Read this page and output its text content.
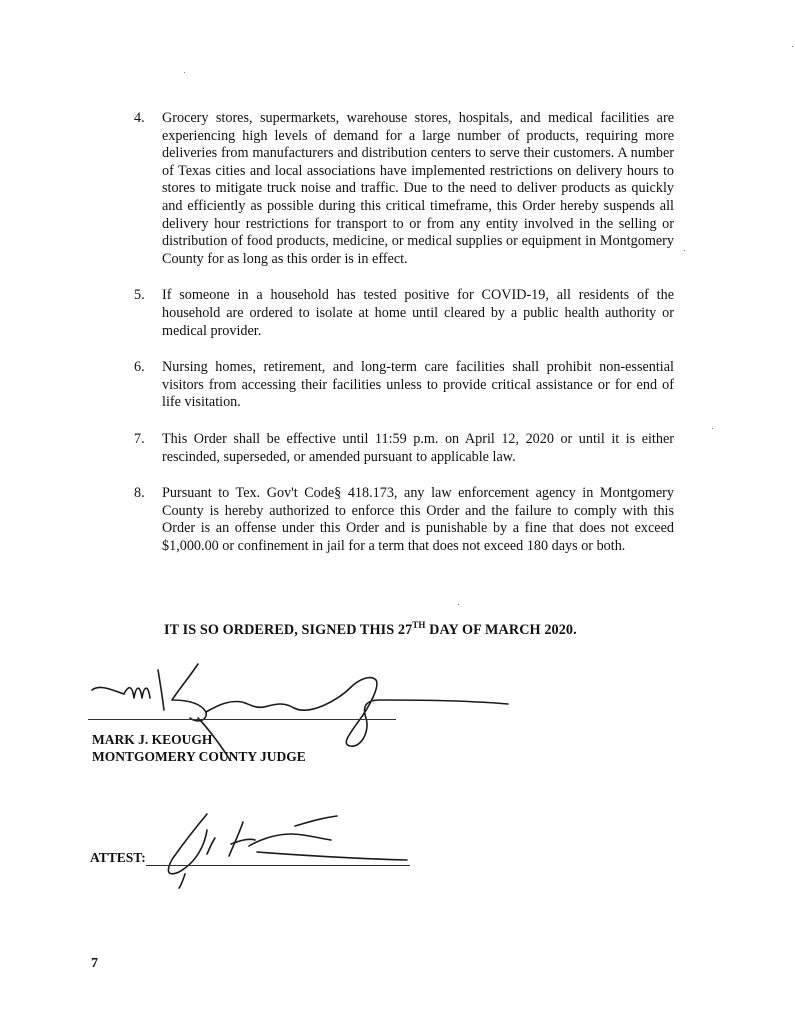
4.	Grocery stores, supermarkets, warehouse stores, hospitals, and medical facilities are experiencing high levels of demand for a large number of products, requiring more deliveries from manufacturers and distribution centers to serve their customers. A number of Texas cities and local associations have implemented restrictions on delivery hours to stores to mitigate truck noise and traffic. Due to the need to deliver products as quickly and efficiently as possible during this critical timeframe, this Order hereby suspends all delivery hour restrictions for transport to or from any entity involved in the selling or distribution of food products, medicine, or medical supplies or equipment in Montgomery County for as long as this order is in effect.
5.	If someone in a household has tested positive for COVID-19, all residents of the household are ordered to isolate at home until cleared by a public health authority or medical provider.
6.	Nursing homes, retirement, and long-term care facilities shall prohibit non-essential visitors from accessing their facilities unless to provide critical assistance or for end of life visitation.
7.	This Order shall be effective until 11:59 p.m. on April 12, 2020 or until it is either rescinded, superseded, or amended pursuant to applicable law.
8.	Pursuant to Tex. Gov't Code§ 418.173, any law enforcement agency in Montgomery County is hereby authorized to enforce this Order and the failure to comply with this Order is an offense under this Order and is punishable by a fine that does not exceed $1,000.00 or confinement in jail for a term that does not exceed 180 days or both.
IT IS SO ORDERED, SIGNED THIS 27TH DAY OF MARCH 2020.
MARK J. KEOUGH
MONTGOMERY COUNTY JUDGE
ATTEST:
7
